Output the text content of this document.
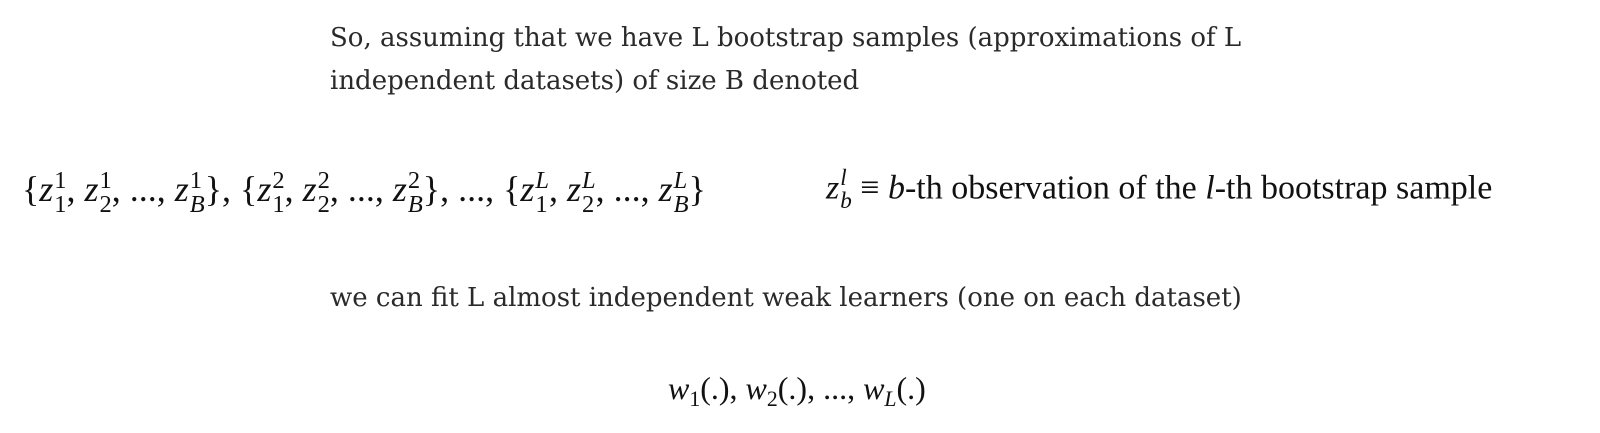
So, assuming that we have L bootstrap samples (approximations of L
independent datasets) of size B denoted
{z 1
1 , z 1
2 , ..., z 1
B }, {z 2
1 , z 2
2 , ..., z 2
B }, ..., {z L
1 , z L
2 , ..., z L
B }	z l
b ≡ b-th observation of the l-th bootstrap sample
we can fit L almost independent weak learners (one on each dataset)
$w_1(.)$, $w_2(.)$, ..., $w_L(.)$
